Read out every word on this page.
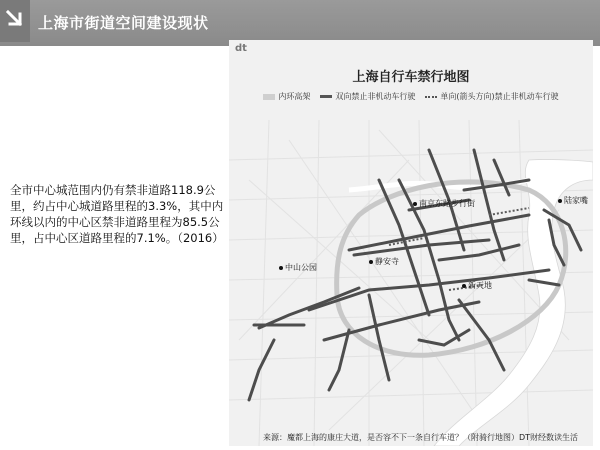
上海市街道空间建设现状
全市中心城范围内仍有禁非道路118.9公里，约占中心城道路里程的3.3%，其中内环线以内的中心区禁非道路里程为85.5公里，占中心区道路里程的7.1%。（2016）
dt
上海自行车禁行地图
内环高架	双向禁止非机动车行驶	单向(箭头方向)禁止非机动车行驶
南京东路步行街	陆家嘴
中山公园
静安寺
新天地
来源：魔都上海的康庄大道，是否容不下一条自行车道？（附骑行地图）DT财经数读生活
